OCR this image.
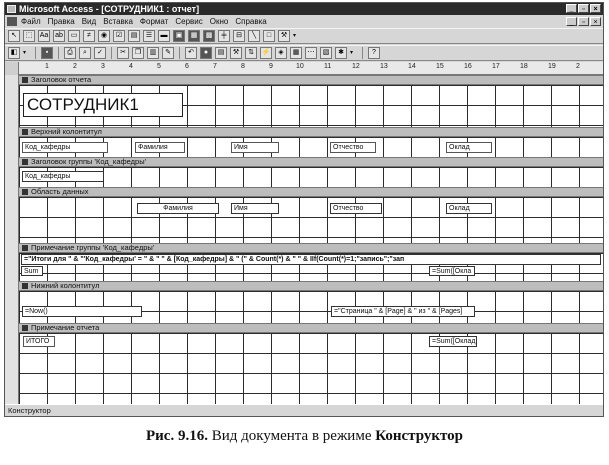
Microsoft Access - [СОТРУДНИК1 : отчет]	_	▫	×
Файл Правка Вид Вставка Формат Сервис Окно Справка	_	▫	×
↖	⬚	Aa ab	▭	≠	◉	☑	▤	☰	▬	▣	▦	▩	╪	⊟	╲	□	⚒ ▾
◧ ▾	▪	⎙	⌕	✓	✂	❐	▥	✎	↶	●	▤	⚒	⇅	⚡	◈	▦	⋯	▧	✱	▾	?
1	2	3	4	5	6	7	8	9	10	11	12	13	14	15	16	17	18	19	2
Заголовок отчета
СОТРУДНИК1
Верхний колонтитул
Код_кафедры	Фамилия	Имя	Отчество	Оклад
Заголовок группы 'Код_кафедры'
Код_кафедры
Область данных
Фамилия	Имя	Отчество	Оклад
Примечание группы 'Код_кафедры'
="Итоги для " & "'Код_кафедры' = " & " " & [Код_кафедры] & " (" & Count(*) & " " & IIf(Count(*)=1;"запись";"зап
Sum	=Sum([Окла
Нижний колонтитул
=Now()	="Страница " & [Page] & " из " & [Pages]
Примечание отчета
ИТОГО	=Sum([Оклад
Конструктор
Рис. 9.16. Вид документа в режиме Конструктор
